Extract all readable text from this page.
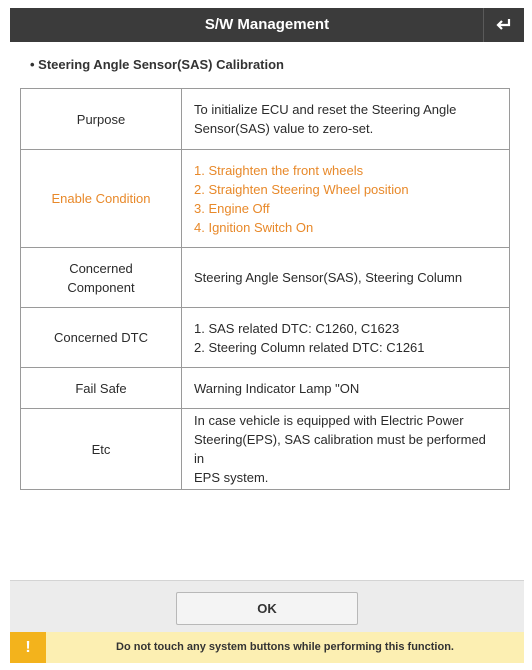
S/W Management
• Steering Angle Sensor(SAS) Calibration
Purpose	To initialize ECU and reset the Steering Angle
Sensor(SAS) value to zero-set.

Enable Condition	1. Straighten the front wheels
2. Straighten Steering Wheel position
3. Engine Off
4. Ignition Switch On

Concerned
Component	Steering Angle Sensor(SAS), Steering Column
Concerned DTC	1. SAS related DTC: C1260, C1623
2. Steering Column related DTC: C1261

Fail Safe	Warning Indicator Lamp "ON
Etc	In case vehicle is equipped with Electric Power
Steering(EPS), SAS calibration must be performed in
EPS system.
OK
!	Do not touch any system buttons while performing this function.
